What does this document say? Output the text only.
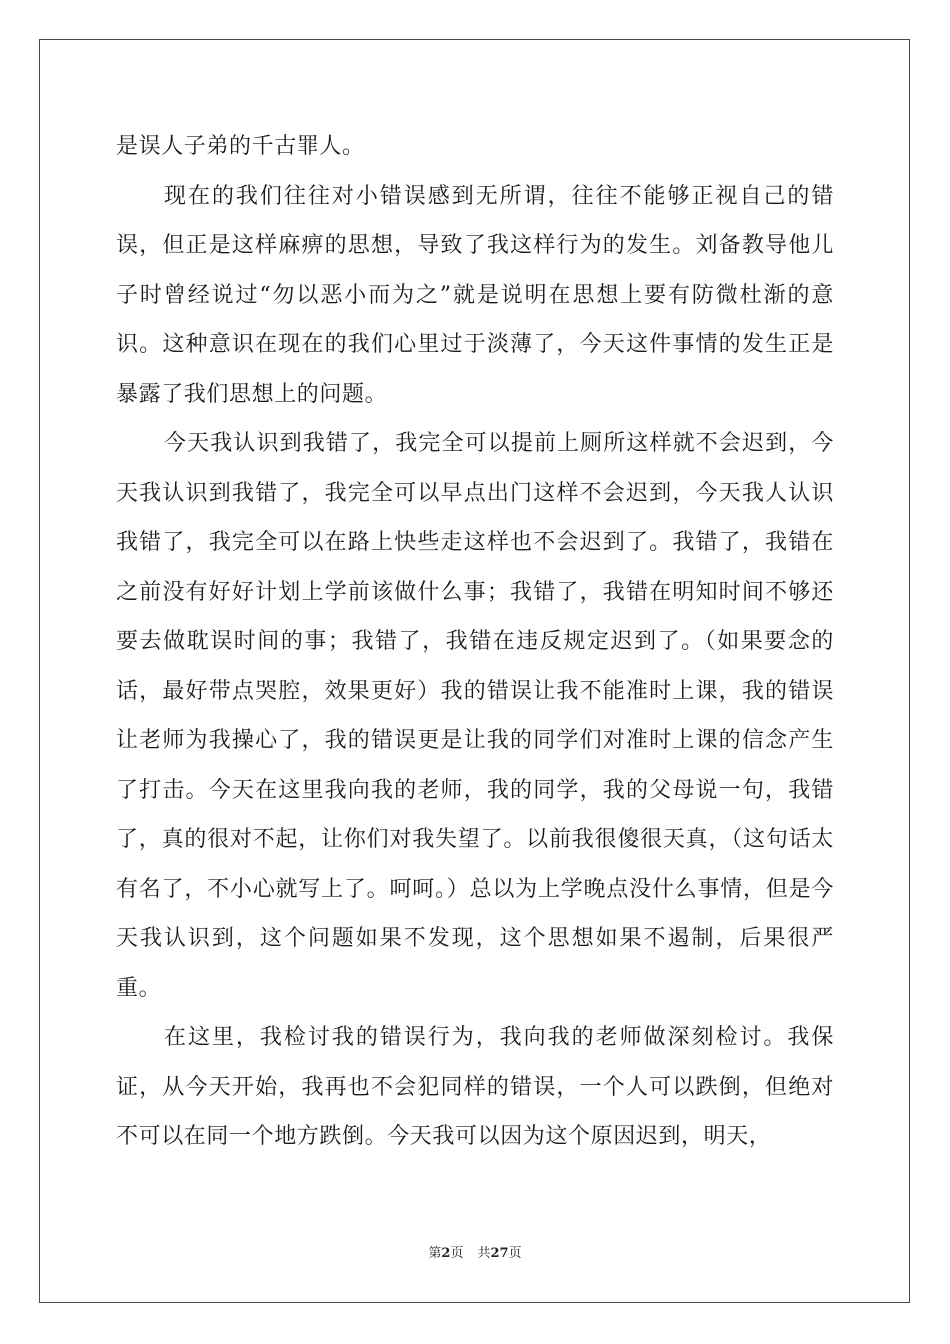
是误人子弟的千古罪人。

现在的我们往往对小错误感到无所谓，往往不能够正视自己的错误，但正是这样麻痹的思想，导致了我这样行为的发生。刘备教导他儿子时曾经说过“勿以恶小而为之”就是说明在思想上要有防微杜渐的意识。这种意识在现在的我们心里过于淡薄了，今天这件事情的发生正是暴露了我们思想上的问题。

今天我认识到我错了，我完全可以提前上厕所这样就不会迟到，今天我认识到我错了，我完全可以早点出门这样不会迟到，今天我人认识我错了，我完全可以在路上快些走这样也不会迟到了。我错了，我错在之前没有好好计划上学前该做什么事；我错了，我错在明知时间不够还要去做耽误时间的事；我错了，我错在违反规定迟到了。（如果要念的话，最好带点哭腔，效果更好）我的错误让我不能准时上课，我的错误让老师为我操心了，我的错误更是让我的同学们对准时上课的信念产生了打击。今天在这里我向我的老师，我的同学，我的父母说一句，我错了，真的很对不起，让你们对我失望了。以前我很傻很天真，（这句话太有名了，不小心就写上了。呵呵。）总以为上学晚点没什么事情，但是今天我认识到，这个问题如果不发现，这个思想如果不遏制，后果很严重。

在这里，我检讨我的错误行为，我向我的老师做深刻检讨。我保证，从今天开始，我再也不会犯同样的错误，一个人可以跌倒，但绝对不可以在同一个地方跌倒。今天我可以因为这个原因迟到，明天，

第2页 共27页
